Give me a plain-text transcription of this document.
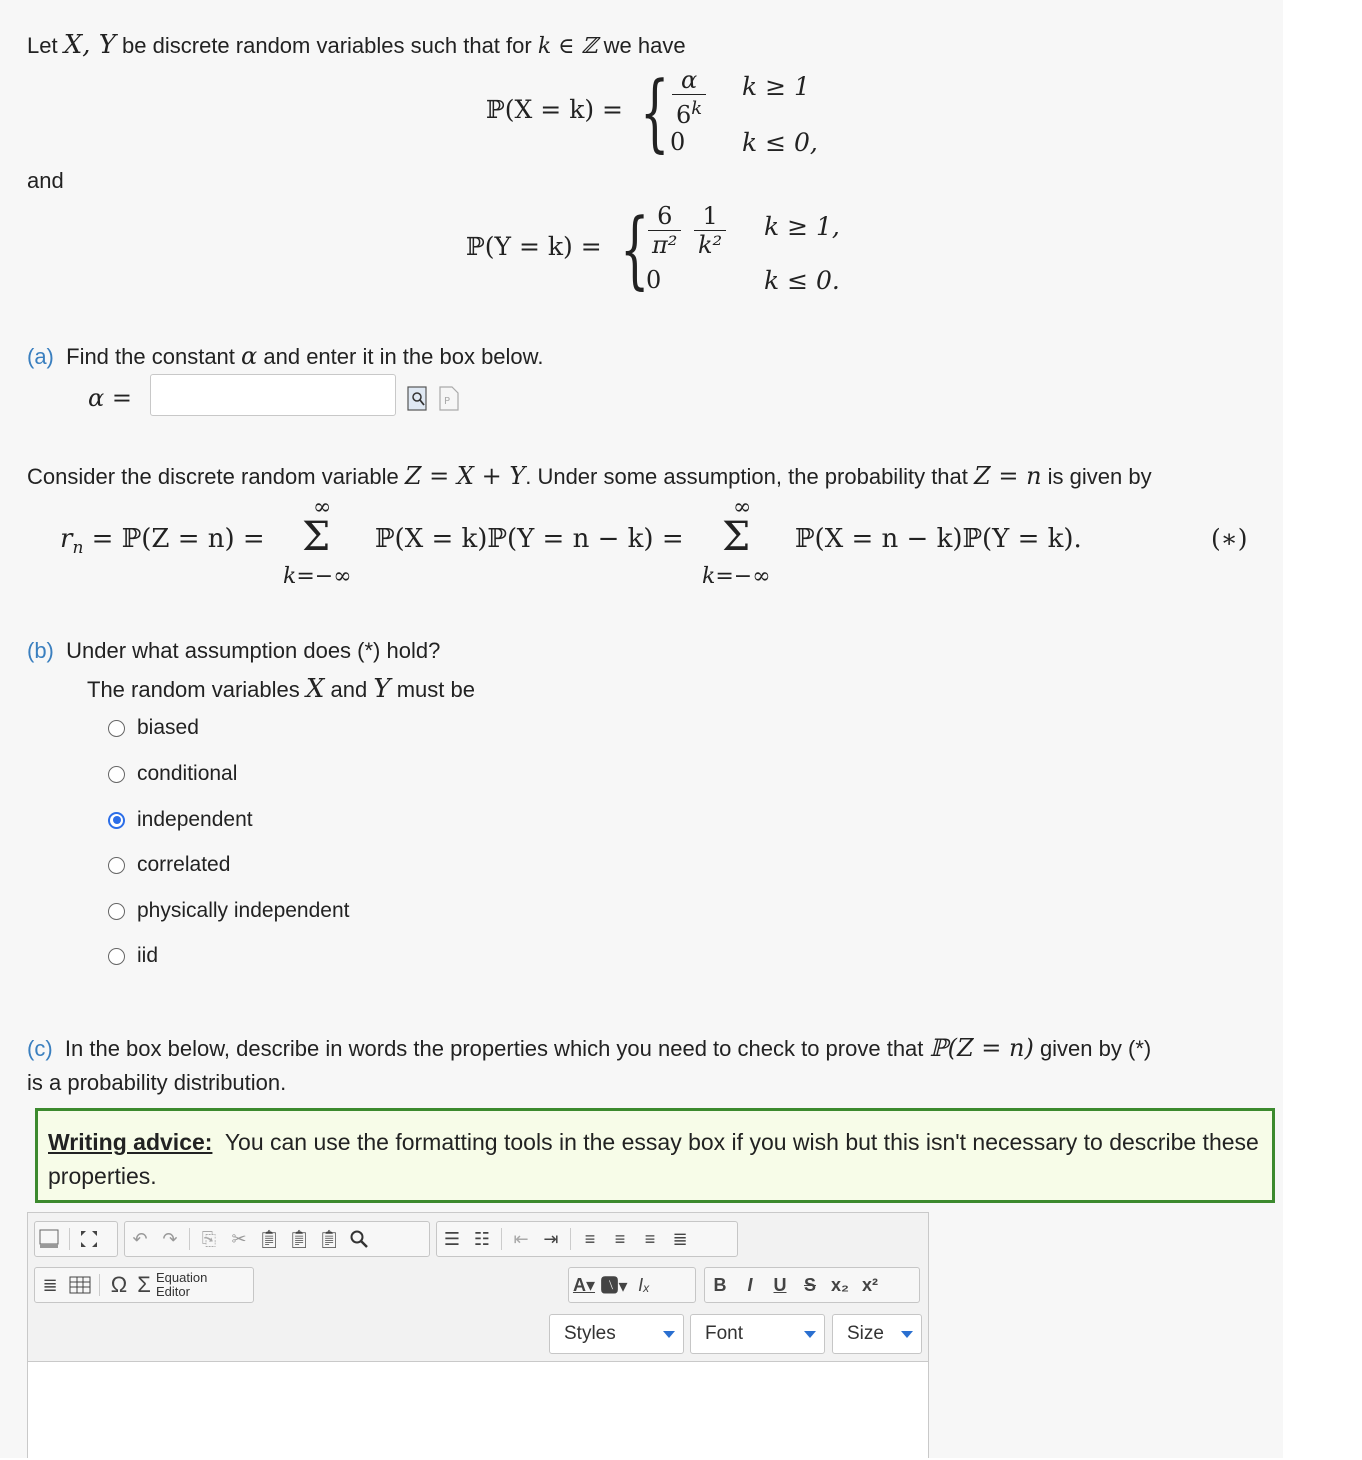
Let X, Y be discrete random variables such that for k ∈ ℤ we have
ℙ(X = k) = { $\frac{\alpha}{6^k}$ k ≥ 1
0 k ≤ 0,
and
ℙ(Y = k) = {
$\frac{6}{\text{π²}} \frac{1}{\text{k²}}$ k ≥ 1,
0	k ≤ 0.
(a) Find the constant α and enter it in the box below.
α =	P
Consider the discrete random variable Z = X + Y. Under some assumption, the probability that Z = n is given by
$r_n$ = ℙ(Z = n) =
∞
Σ
k=−∞
ℙ(X = k)ℙ(Y = n − k) =
∞
Σ
k=−∞
ℙ(X = n − k)ℙ(Y = k).	(∗)
(b) Under what assumption does (*) hold?
The random variables X and Y must be
biased
conditional
independent
correlated
physically independent
iid
(c) In the box below, describe in words the properties which you need to check to prove that ℙ(Z = n) given by (*)
is a probability distribution.
Writing advice: You can use the formatting tools in the essay box if you wish but this isn't necessary to describe these properties.
↶ ↷	⎘ ✂ 📋︎ 📋︎ 📋︎	☰ ☷	⇤ ⇥	≡	≡	≡ ≣
≣	Ω Σ Equation
Editor	A▾ 🅰︎▾ Iₓ	B	I	U S x₂ x²
Styles	Font	Size
